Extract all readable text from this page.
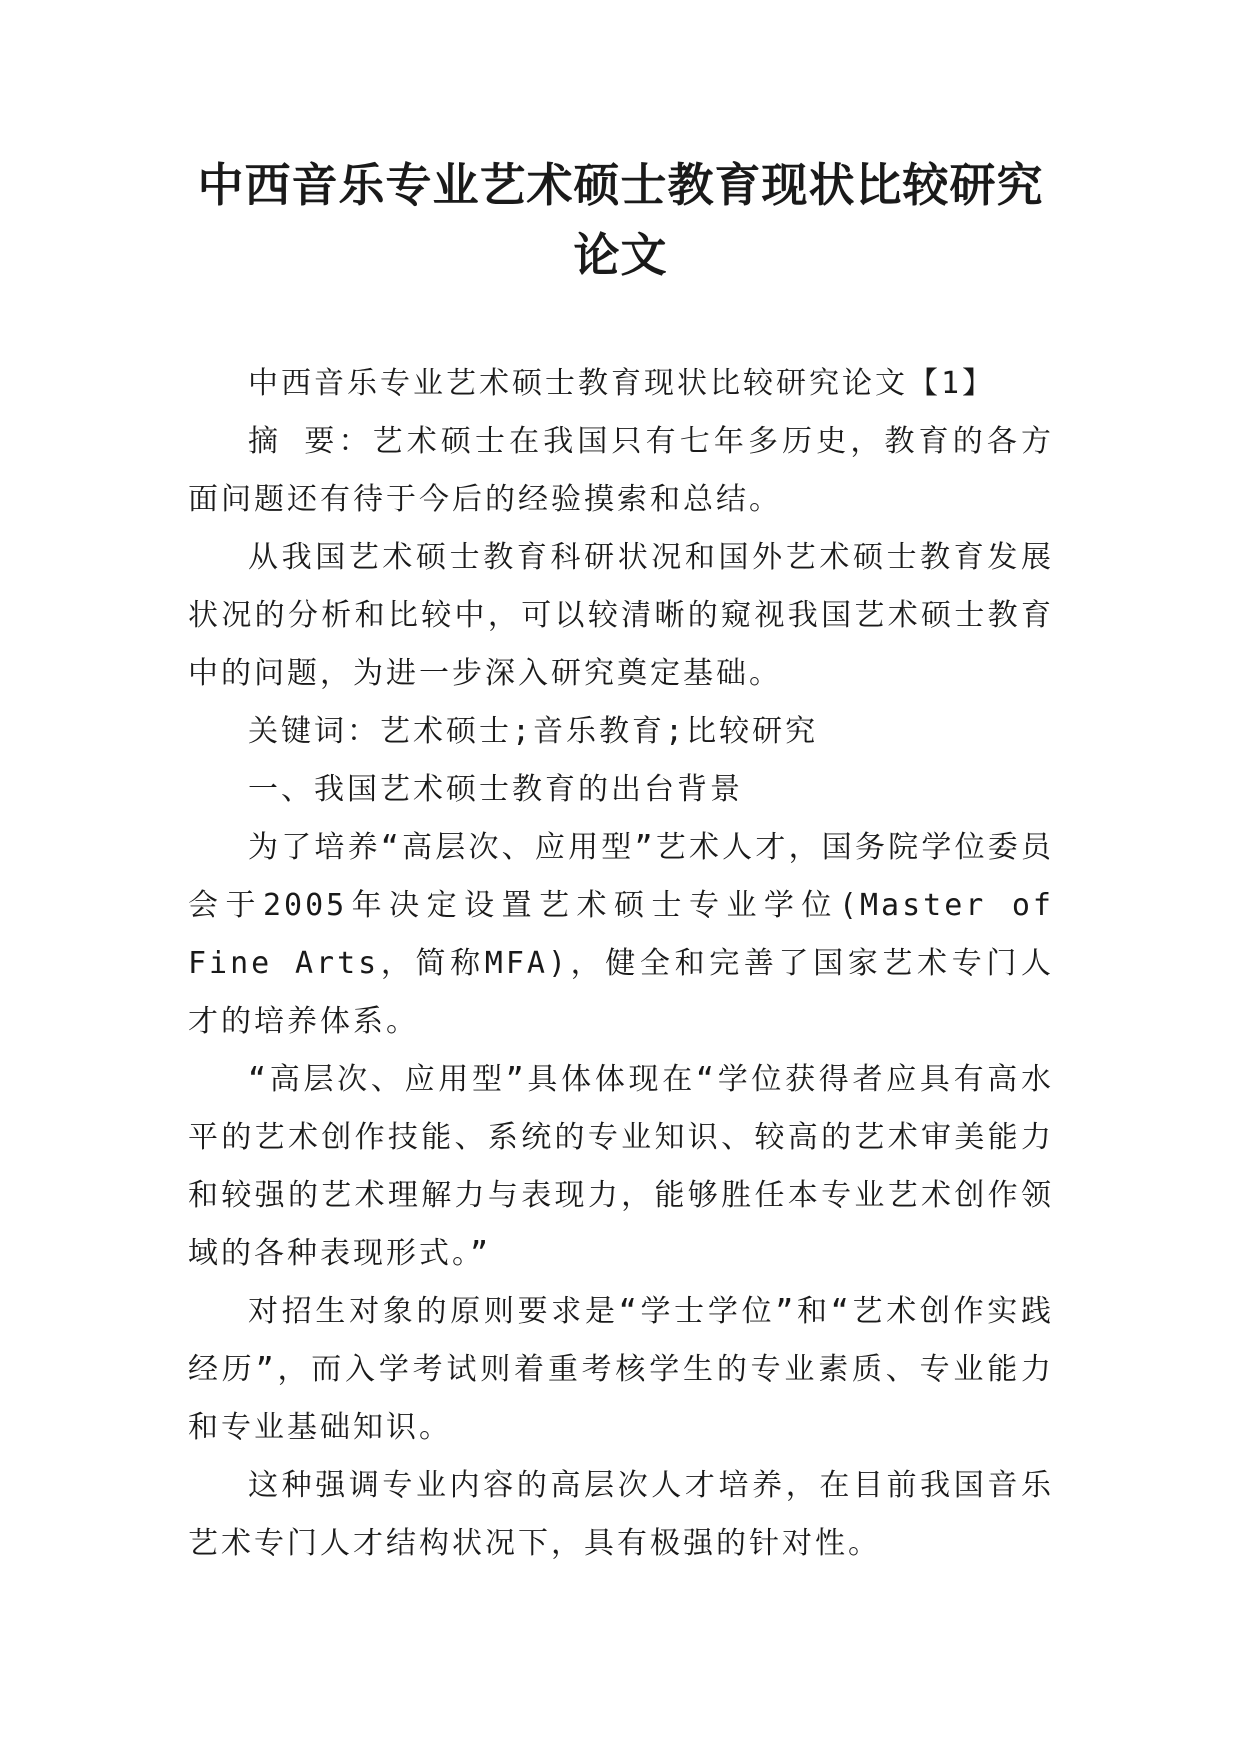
中西音乐专业艺术硕士教育现状比较研究论文

中西音乐专业艺术硕士教育现状比较研究论文【1】

摘 要：艺术硕士在我国只有七年多历史，教育的各方面问题还有待于今后的经验摸索和总结。

从我国艺术硕士教育科研状况和国外艺术硕士教育发展状况的分析和比较中，可以较清晰的窥视我国艺术硕士教育中的问题，为进一步深入研究奠定基础。

关键词：艺术硕士;音乐教育;比较研究

一、我国艺术硕士教育的出台背景

为了培养“高层次、应用型”艺术人才，国务院学位委员会于2005年决定设置艺术硕士专业学位(Master of Fine Arts，简称MFA)，健全和完善了国家艺术专门人才的培养体系。

“高层次、应用型”具体体现在“学位获得者应具有高水平的艺术创作技能、系统的专业知识、较高的艺术审美能力和较强的艺术理解力与表现力，能够胜任本专业艺术创作领域的各种表现形式。”

对招生对象的原则要求是“学士学位”和“艺术创作实践经历”，而入学考试则着重考核学生的专业素质、专业能力和专业基础知识。

这种强调专业内容的高层次人才培养，在目前我国音乐艺术专门人才结构状况下，具有极强的针对性。
